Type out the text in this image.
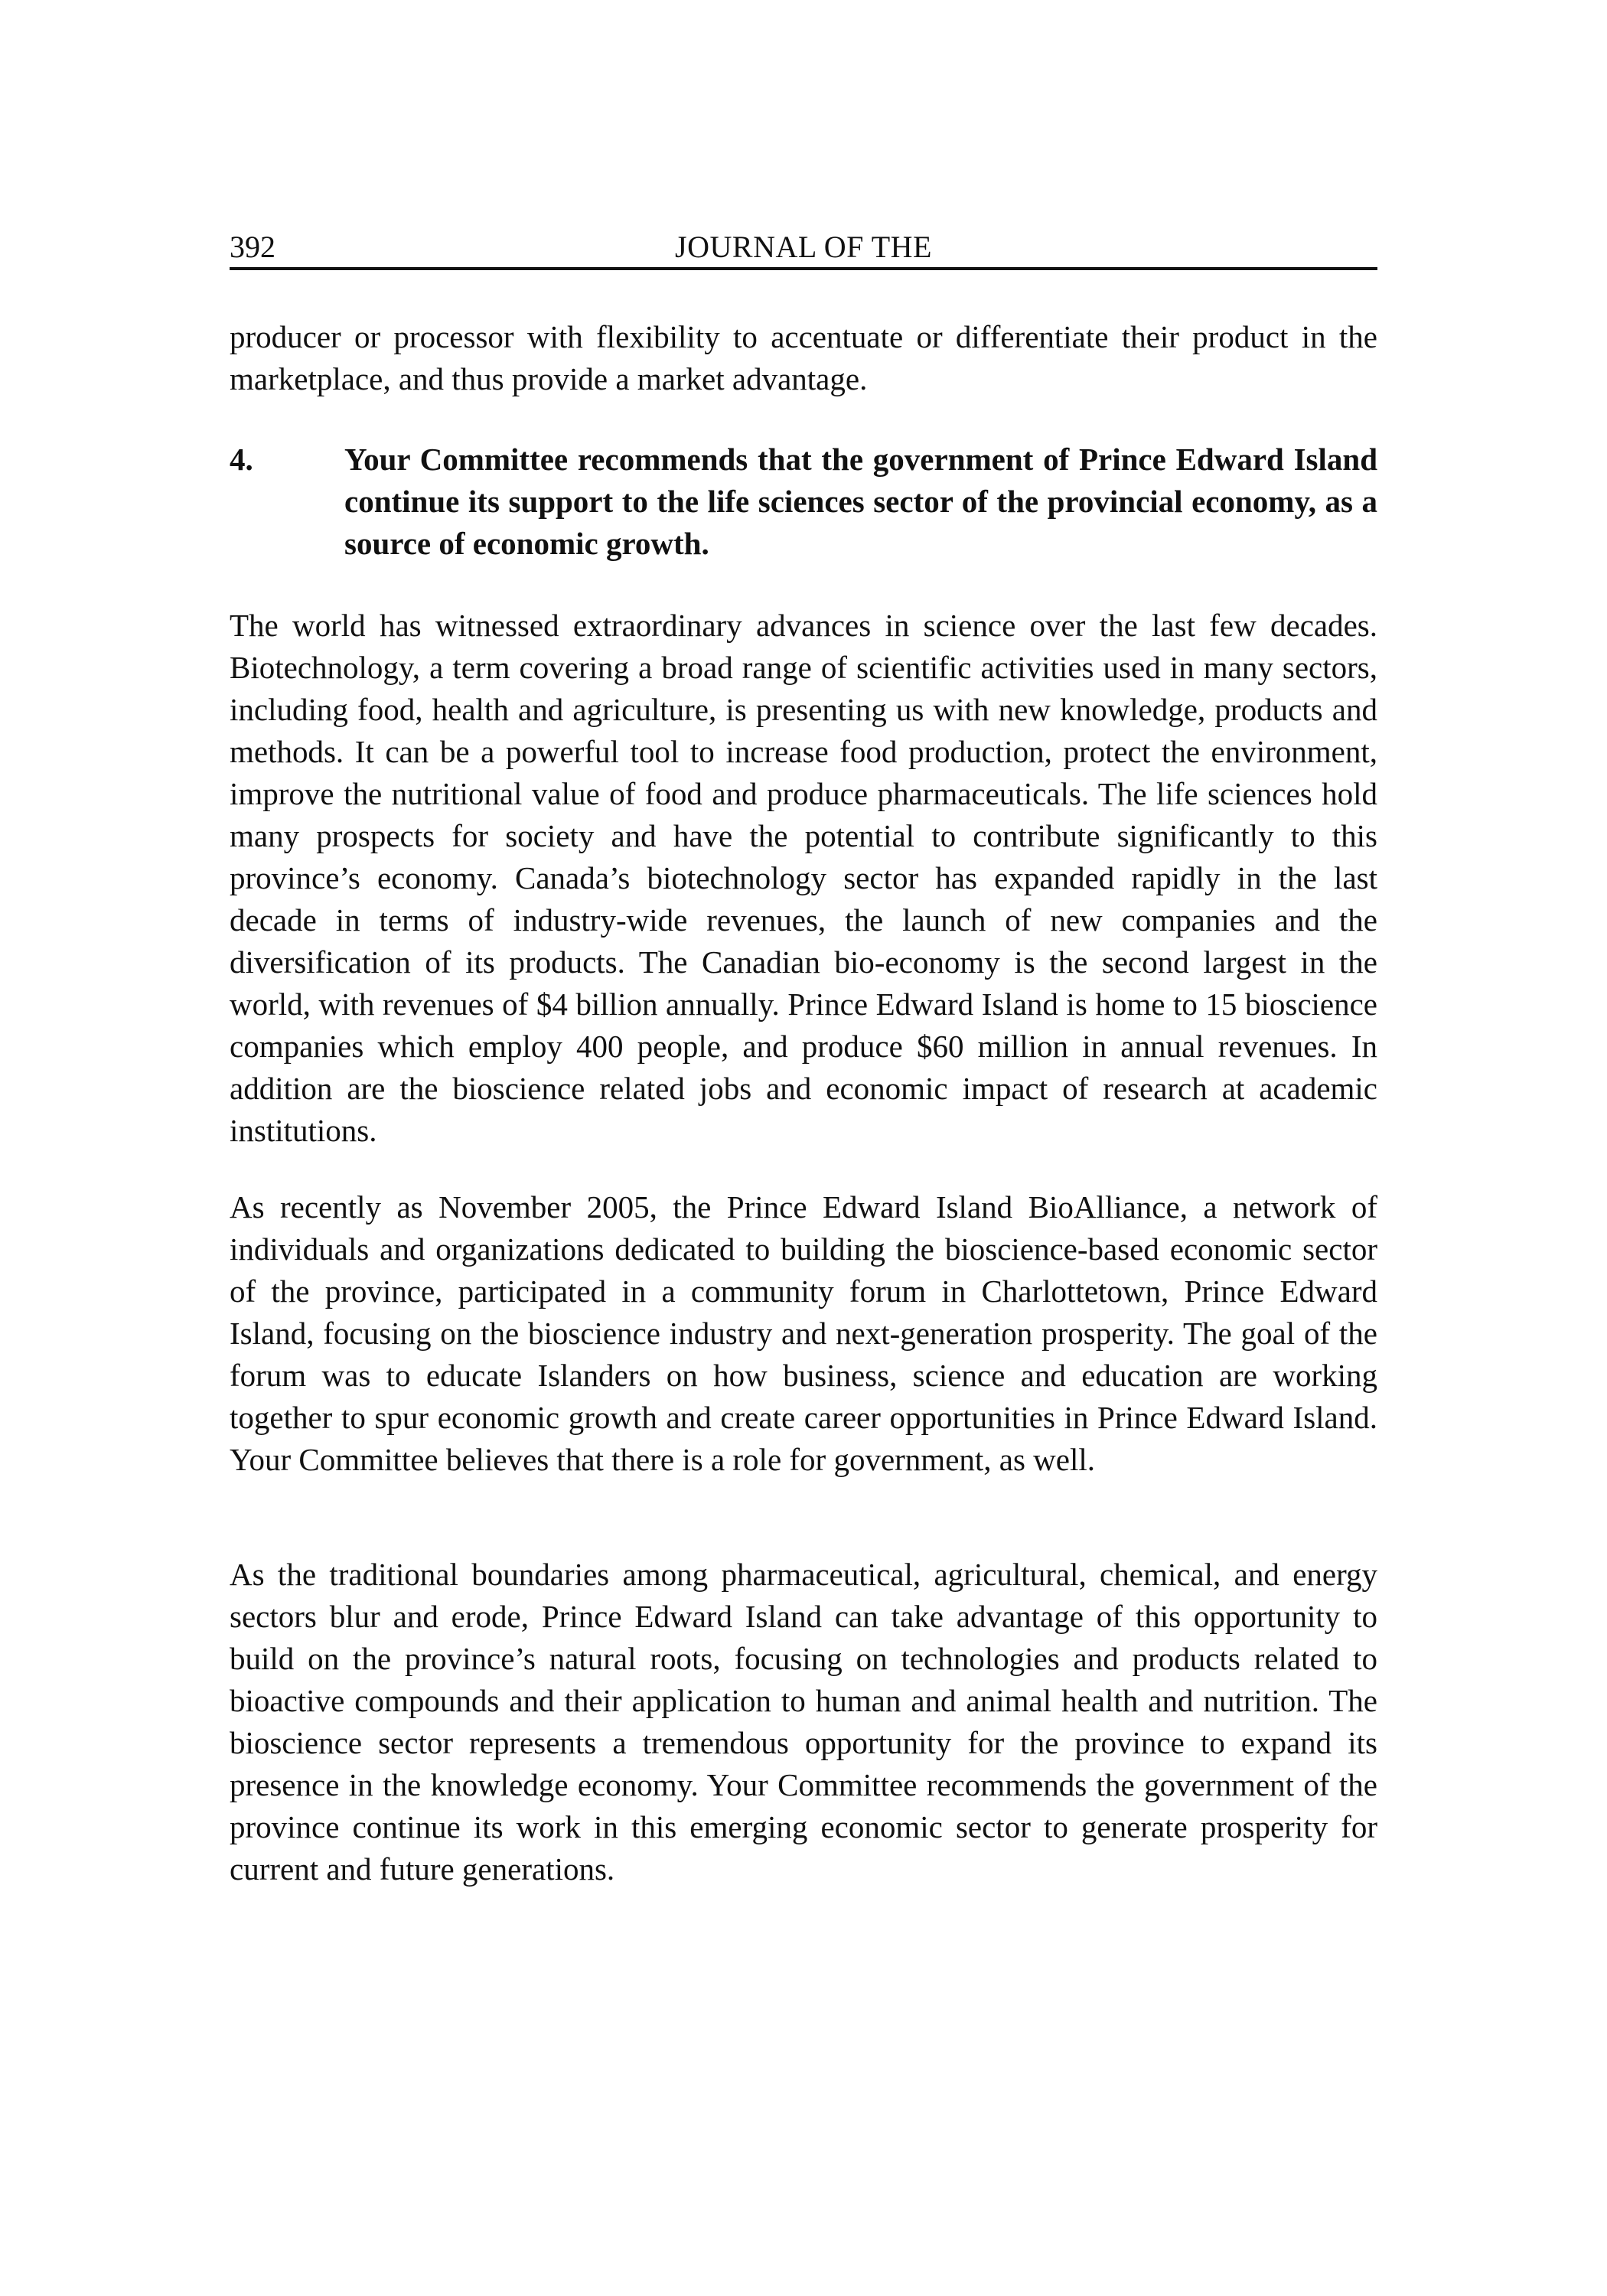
392	JOURNAL OF THE

producer or processor with flexibility to accentuate or differentiate their product in the marketplace, and thus provide a market advantage.

4.	Your Committee recommends that the government of Prince Edward Island continue its support to the life sciences sector of the provincial economy, as a source of economic growth.

The world has witnessed extraordinary advances in science over the last few decades. Biotechnology, a term covering a broad range of scientific activities used in many sectors, including food, health and agriculture, is presenting us with new knowledge, products and methods. It can be a powerful tool to increase food production, protect the environment, improve the nutritional value of food and produce pharmaceuticals. The life sciences hold many prospects for society and have the potential to contribute significantly to this province’s economy. Canada’s biotechnology sector has expanded rapidly in the last decade in terms of industry-wide revenues, the launch of new companies and the diversification of its products. The Canadian bio-economy is the second largest in the world, with revenues of $4 billion annually. Prince Edward Island is home to 15 bioscience companies which employ 400 people, and produce $60 million in annual revenues. In addition are the bioscience related jobs and economic impact of research at academic institutions.

As recently as November 2005, the Prince Edward Island BioAlliance, a network of individuals and organizations dedicated to building the bioscience-based economic sector of the province, participated in a community forum in Charlottetown, Prince Edward Island, focusing on the bioscience industry and next-generation prosperity. The goal of the forum was to educate Islanders on how business, science and education are working together to spur economic growth and create career opportunities in Prince Edward Island. Your Committee believes that there is a role for government, as well.

As the traditional boundaries among pharmaceutical, agricultural, chemical, and energy sectors blur and erode, Prince Edward Island can take advantage of this opportunity to build on the province’s natural roots, focusing on technologies and products related to bioactive compounds and their application to human and animal health and nutrition. The bioscience sector represents a tremendous opportunity for the province to expand its presence in the knowledge economy. Your Committee recommends the government of the province continue its work in this emerging economic sector to generate prosperity for current and future generations.
